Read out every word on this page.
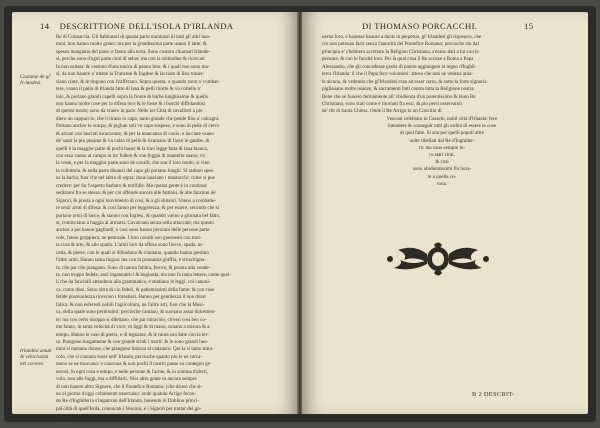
14 DESCRITTIONE DELL'ISOLA D'IRLANDA
Costume de gl' Ir-landesi.
Irlandesi astuti & velocissimi nel correre.
Re di Connaccia. Gli habitatori di questa parte montuosi di tutti gli altri huo-
mini, non hanno molto grano: ma per la grandissima parte usano il latte: &
spesso mangiano del pane: e fanno alla terra. Sono costoro chiamati Irlande-
si, perche sono d'ogni parte cinti di selue; ma con la solitudine & ricercati
fa non usitata: & vestono d'una tonica di panno lino: & i quali non sono ma-
si, da non hauere a' mente la Francese & Inglese & lacciate di lino trauer-
siano cinte, & le tingono con l'zafferano. Sopra questa, o quando sono a' combat-
tere, vsano il palio di Irlanda fatto di lana & pelli ritorte & vn coltello a'
lato, & portano grandi capelli sopra la fronte & barbe lunghissime & quello
non hanno molte cose per la difesa loro & le fosse & i boschi diffidandosi
di questo modo; sono da viuere in pace. Nelle lor Città di cavallieri a pie
diero un cappuccio, che li tirano in capo, tanto grande che pende fino a' calcagni.
Portano anchor le scarpe, & piglian soli vn capo sospeso, e sono di pelle di cervo
& alcuni con lasciati incarcerare, & per la mancanza di cuoio, e lacciate vsano
de' sassi la piu pesante & vn calzo di pelle & ricamano di fasce le gambe, di
quelli è la maggior parte di pochi hauer & la loro legge fatta di lana bianca,
con essa vanno al campo in lor fodere & vne foggia di mantello usano, vn
la veste, e per la maggior parte sono de cavalli, che son il loro modo, si vien
la collottola, & nella parte dinanzi del capo gli portano lunghi. Si radono spes-
so la barba, fuor che nel labro di sopra: doue lasciano i mostacchi: come si pue
credere: per far l'aspetto barbaro & terribile. Ma questa gente è in continue
sedizioni fra se stessa: & per cio offende ancora alle fattioni, & alle fazzioni de'
Signori, & presta a ogni movimento di cosi, & a gli shitanti. Vanno a combatte-
re senz' armi di difesa: & cosi fanno per leggerezza, & per essere, secondo che si
portano armi di lance, & stanno con Inglesi, & quando vanno a giornata nel fatto,
si, cominciano a haggia al armarsi. Cavalcano senza sella attaccate; ma questo
anchor a pie hanno gagliardi, e cosi sono hanno porzioni delle persone parte
cole, fanno groppiera, ne pettorale. I loro cavalli son guernenti con mol-
ta cura & arte, & allo spatio. L'armi loro da offesa sono frecce, spada, ac-
cetta, & pietre, con le quali si difendono & s'aiutano, quando hanno perduto
l'altre armi. Hanno tanta lingua: ma con la pronuntia graffia, e striscingna-
ta, che par che piangano. Sono di natura fabbra, feroce, & pronta alla vende-
ta, non troppo fedele, anzi ingannatrici & bugiarda, ma non fa tanta lettere, come quel-
li che da fanciulli attendono alla grammatica, e studiano le leggi, col canoni-
ca, come dissi. Sono oltra di cio fedeli, & patientissimi della fame: & con cose
fetide piaceuolezza ricevono i forestieri. Hanno per gentilezza il non durar
fatica: & non esferesti nobili l'agricoltura, ne l'altre arti, fuor che la Musi-
ca, della quale sono peritissimi: percioche cantano, & suonano assai dolcemen-
te: ma con certo intoppo si dilettano, che par miracolo, ch'essi cosi ben co-
me fanno, in tanta velocità di voce, di liggi & di mano, sonano a misura & a
tempo. Hanno le case di pietra, e di legname, & le mura son fatte con la ter-
ra. Piangono lungamente & con grande stridi i morti: & le sono grandi huo-
mini si menano donne, che piangono intorno al cadauero. Qui la si tanto mira-
colo, che si contano esser nell' Irlanda, percioche quanto piu le ne cerca-
meno se ne truovano: e ciascuna & non pochi il nostro paese su contegno ge-
nerosi, in ogni cosa e tempo, e nelle persone & l'arme, & in somma d'alteri,
volo, non alle fuggi, ma a diffidarli. Niss altra gente sa ancora sempre
di non hauere altro Signore, che il Pontefice Romano: (che dicesi che si-
no al giorno d'oggi coltamente osseruano: onde quando Arrigo fecon-
do Re d'Inghilterra s'impatronì dell'Irlanda, hauendo in Dublino princi-
pal città di quell'Isola, conuocati i Vescoui, e i Signori per trattar del go-
uerno
DI THOMASO PORCACCHI.	15
uerno loro, e hauesse hauuto a durar in perpetuo, gl' Irlandesi gli risposero, che
cio non poteuan farsi senza l'autorità del Pontefice Romano: percioche sin dal
principio e' s'hebbero accettato la Religion Christiana, s'erano dati a lui con le
persone, & con le facoltà loro. Per la qual cosa il Re scrisse a Roma a Papa
Alessandro, che gli concedesse gratia di potere aggiungere al regno d'Inghil-
terra l'Irlanda: il che il Papa fece volontieri: atteso che non ne vedeua auta-
le alcuno, & vedendo che gl'Irlandesi eran ad esser certo, & sotto la forte signoria
pigliauano molte usanze, & sacramenti fatti contra tutta la Religione nostra.
Bene che se fossero fermamente all' vbidienza d'un potentissimo & buon Re
Christiano, sono stati come è ritornati fra essi, & piu persi osservatori
de' riti di Santa Chiesa. Onde il Re Arrigo in un Concilio di
Vescoui celebrato in Casselo, nobil città d'Irlanda: fece
intendere & conseguir tutti gli ordini di essere le cose
di quel fatte. Si son poi quelli popoli altre
uolte ribellati dal Re d'Inghilter-
ra: ma sono sempre lo-
ro stati vinti,
& cosi
sono ubidientissimi fin hora-
te a quella co-
rona.
B 2 DESCRIT-
